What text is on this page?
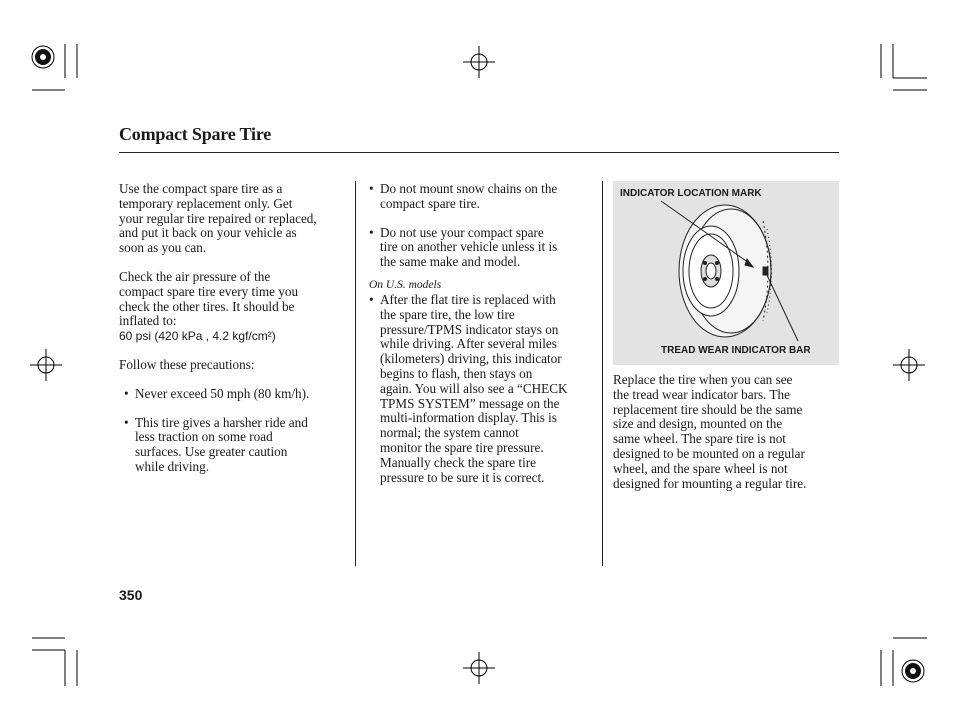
Compact Spare Tire

Use the compact spare tire as a
temporary replacement only. Get
your regular tire repaired or replaced,
and put it back on your vehicle as
soon as you can.

Check the air pressure of the
compact spare tire every time you
check the other tires. It should be
inflated to:
60 psi (420 kPa , 4.2 kgf/cm²)

Follow these precautions:

• Never exceed 50 mph (80 km/h).

• This tire gives a harsher ride and
less traction on some road
surfaces. Use greater caution
while driving.

• Do not mount snow chains on the
compact spare tire.

• Do not use your compact spare
tire on another vehicle unless it is
the same make and model.

On U.S. models

• After the flat tire is replaced with
the spare tire, the low tire
pressure/TPMS indicator stays on
while driving. After several miles
(kilometers) driving, this indicator
begins to flash, then stays on
again. You will also see a “CHECK
TPMS SYSTEM” message on the
multi-information display. This is
normal; the system cannot
monitor the spare tire pressure.
Manually check the spare tire
pressure to be sure it is correct.

INDICATOR LOCATION MARK
TREAD WEAR INDICATOR BAR

Replace the tire when you can see
the tread wear indicator bars. The
replacement tire should be the same
size and design, mounted on the
same wheel. The spare tire is not
designed to be mounted on a regular
wheel, and the spare wheel is not
designed for mounting a regular tire.

350
